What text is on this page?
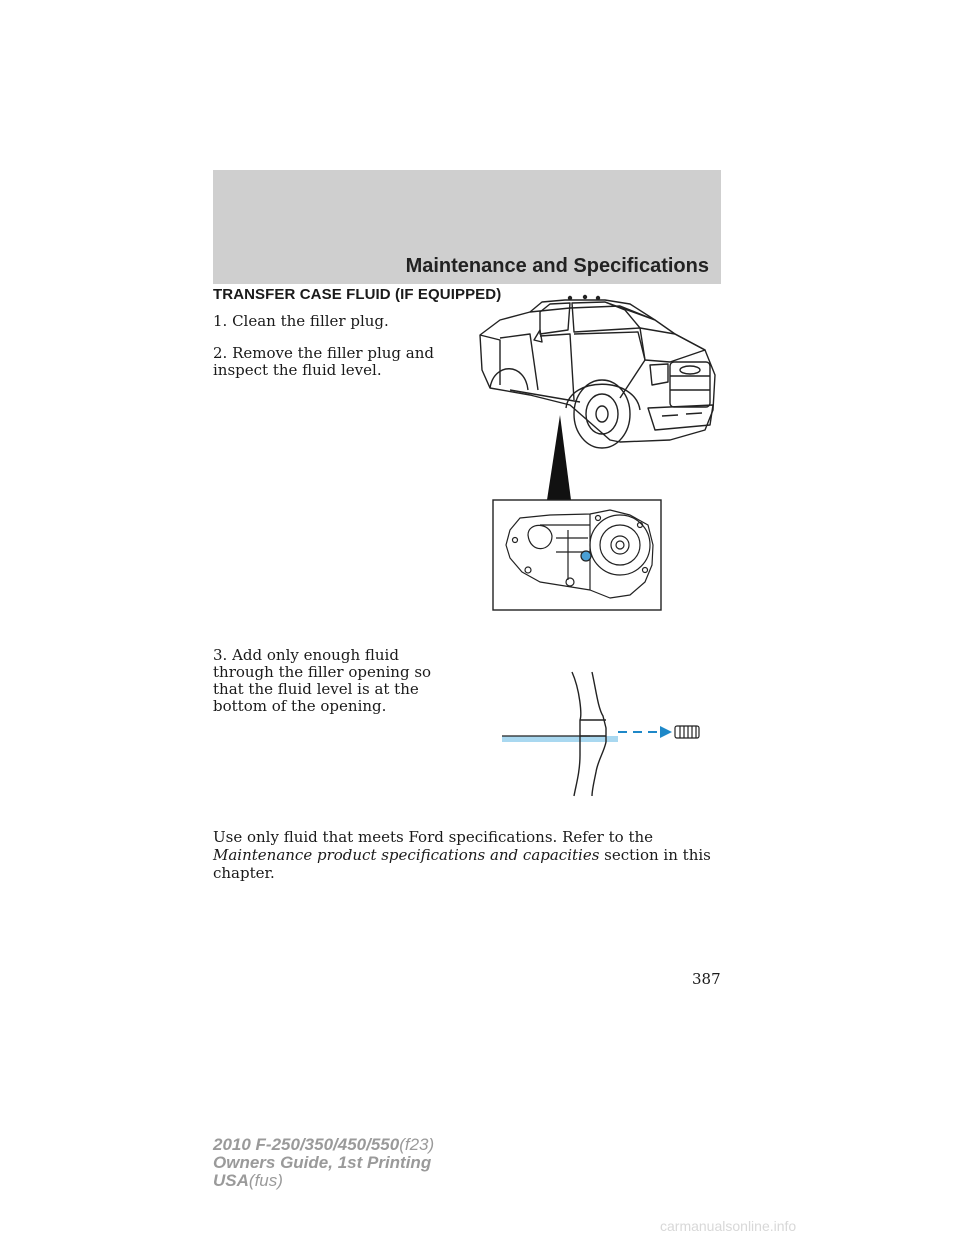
Maintenance and Specifications
TRANSFER CASE FLUID (IF EQUIPPED)
1. Clean the filler plug.
2. Remove the filler plug and inspect the fluid level.
3. Add only enough fluid through the filler opening so that the fluid level is at the bottom of the opening.
Use only fluid that meets Ford specifications. Refer to the Maintenance product specifications and capacities section in this chapter.
387
2010 F-250/350/450/550(f23)
Owners Guide, 1st Printing
USA(fus)
carmanualsonline.info
